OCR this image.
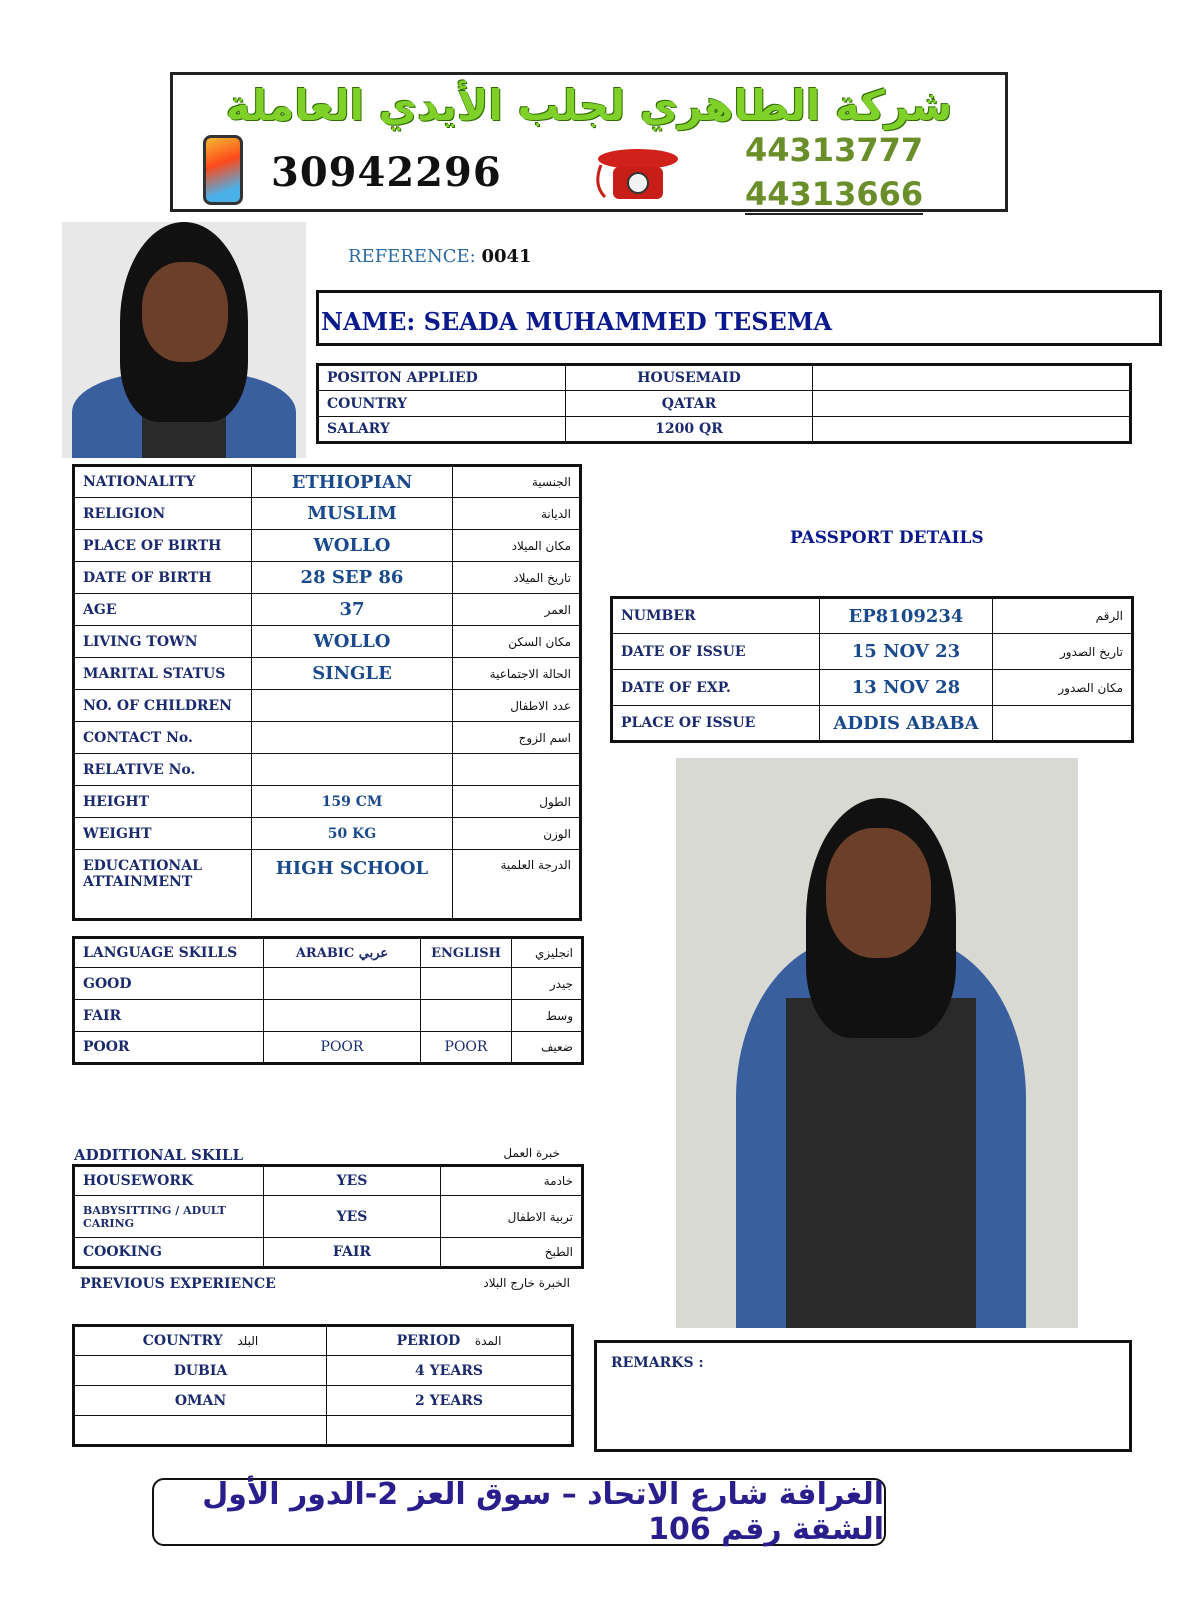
شركة الطاهري لجلب الأيدي العاملة
30942296	44313777
44313666
REFERENCE: 0041
NAME: SEADA MUHAMMED TESEMA
POSITON APPLIED	HOUSEMAID	
COUNTRY	QATAR	
SALARY	1200 QR	
NATIONALITY	ETHIOPIAN	الجنسية
RELIGION	MUSLIM	الديانة
PLACE OF BIRTH	WOLLO	مكان الميلاد
DATE OF BIRTH	28 SEP 86	تاريخ الميلاد
AGE	37	العمر
LIVING TOWN	WOLLO	مكان السكن
MARITAL STATUS	SINGLE	الحالة الاجتماعية
NO. OF CHILDREN		عدد الاطفال
CONTACT No.		اسم الزوج
RELATIVE No.		
HEIGHT	159 CM	الطول
WEIGHT	50 KG	الوزن
EDUCATIONAL ATTAINMENT	HIGH SCHOOL	الدرجة العلمية
PASSPORT DETAILS
NUMBER	EP8109234	الرقم
DATE OF ISSUE	15 NOV 23	تاريخ الصدور
DATE OF EXP.	13 NOV 28	مكان الصدور
PLACE OF ISSUE	ADDIS ABABA	
LANGUAGE SKILLS	ARABIC عربي	ENGLISH	انجليزي
GOOD			جيدر
FAIR			وسط
POOR	POOR	POOR	ضعيف
ADDITIONAL SKILL	خبرة العمل
HOUSEWORK	YES	خادمة
BABYSITTING / ADULT CARING	YES	تربية الاطفال
COOKING	FAIR	الطبخ
PREVIOUS EXPERIENCE	الخبرة خارج البلاد
COUNTRY البلد	PERIOD المدة
DUBIA	4 YEARS
OMAN	2 YEARS

REMARKS :
الغرافة شارع الاتحاد – سوق العز 2-الدور الأول الشقة رقم 106
